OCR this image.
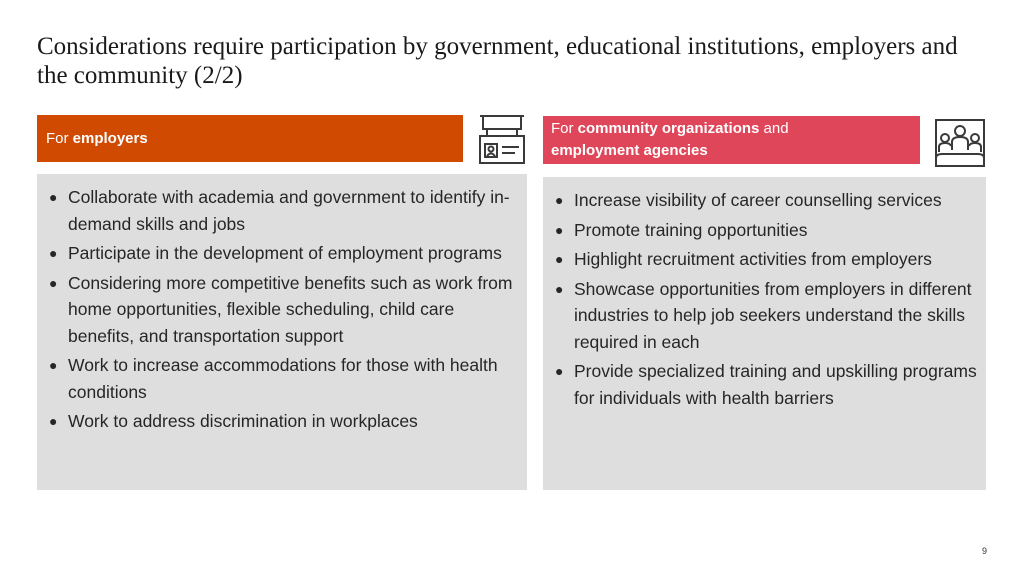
Considerations require participation by government, educational institutions, employers and the community (2/2)
For
employers
For community organizations and
employment agencies
● Collaborate with academia and government to identify in-demand skills and jobs
● Participate in the development of employment programs
● Considering more competitive benefits such as work from home opportunities, flexible scheduling, child care benefits, and transportation support
● Work to increase accommodations for those with health conditions
● Work to address discrimination in workplaces
● Increase visibility of career counselling services
● Promote training opportunities
● Highlight recruitment activities from employers
● Showcase opportunities from employers in different industries to help job seekers understand the skills required in each
● Provide specialized training and upskilling programs for individuals with health barriers
9
